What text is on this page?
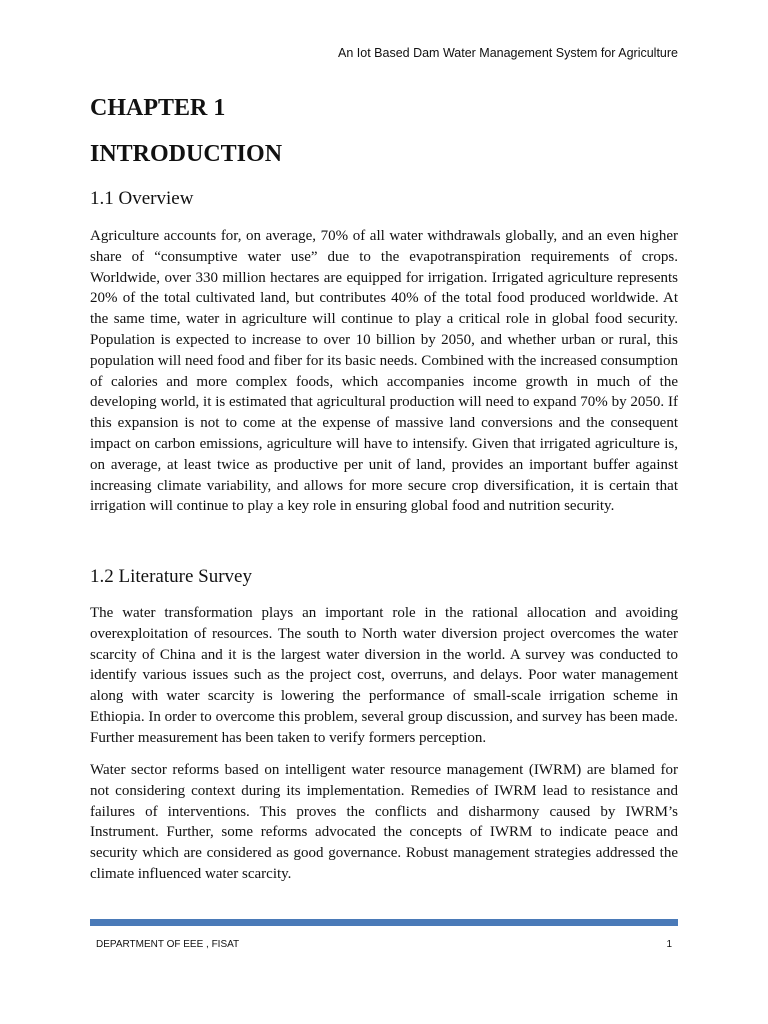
An Iot Based Dam Water Management System for Agriculture
CHAPTER 1
INTRODUCTION
1.1 Overview

Agriculture accounts for, on average, 70% of all water withdrawals globally, and an even higher share of “consumptive water use” due to the evapotranspiration requirements of crops. Worldwide, over 330 million hectares are equipped for irrigation. Irrigated agriculture represents 20% of the total cultivated land, but contributes 40% of the total food produced worldwide. At the same time, water in agriculture will continue to play a critical role in global food security. Population is expected to increase to over 10 billion by 2050, and whether urban or rural, this population will need food and fiber for its basic needs. Combined with the increased consumption of calories and more complex foods, which accompanies income growth in much of the developing world, it is estimated that agricultural production will need to expand 70% by 2050. If this expansion is not to come at the expense of massive land conversions and the consequent impact on carbon emissions, agriculture will have to intensify. Given that irrigated agriculture is, on average, at least twice as productive per unit of land, provides an important buffer against increasing climate variability, and allows for more secure crop diversification, it is certain that irrigation will continue to play a key role in ensuring global food and nutrition security.

1.2 Literature Survey

The water transformation plays an important role in the rational allocation and avoiding overexploitation of resources. The south to North water diversion project overcomes the water scarcity of China and it is the largest water diversion in the world. A survey was conducted to identify various issues such as the project cost, overruns, and delays. Poor water management along with water scarcity is lowering the performance of small-scale irrigation scheme in Ethiopia. In order to overcome this problem, several group discussion, and survey has been made. Further measurement has been taken to verify formers perception.

Water sector reforms based on intelligent water resource management (IWRM) are blamed for not considering context during its implementation. Remedies of IWRM lead to resistance and failures of interventions. This proves the conflicts and disharmony caused by IWRM’s Instrument. Further, some reforms advocated the concepts of IWRM to indicate peace and security which are considered as good governance. Robust management strategies addressed the climate influenced water scarcity.

DEPARTMENT OF EEE , FISAT	1
